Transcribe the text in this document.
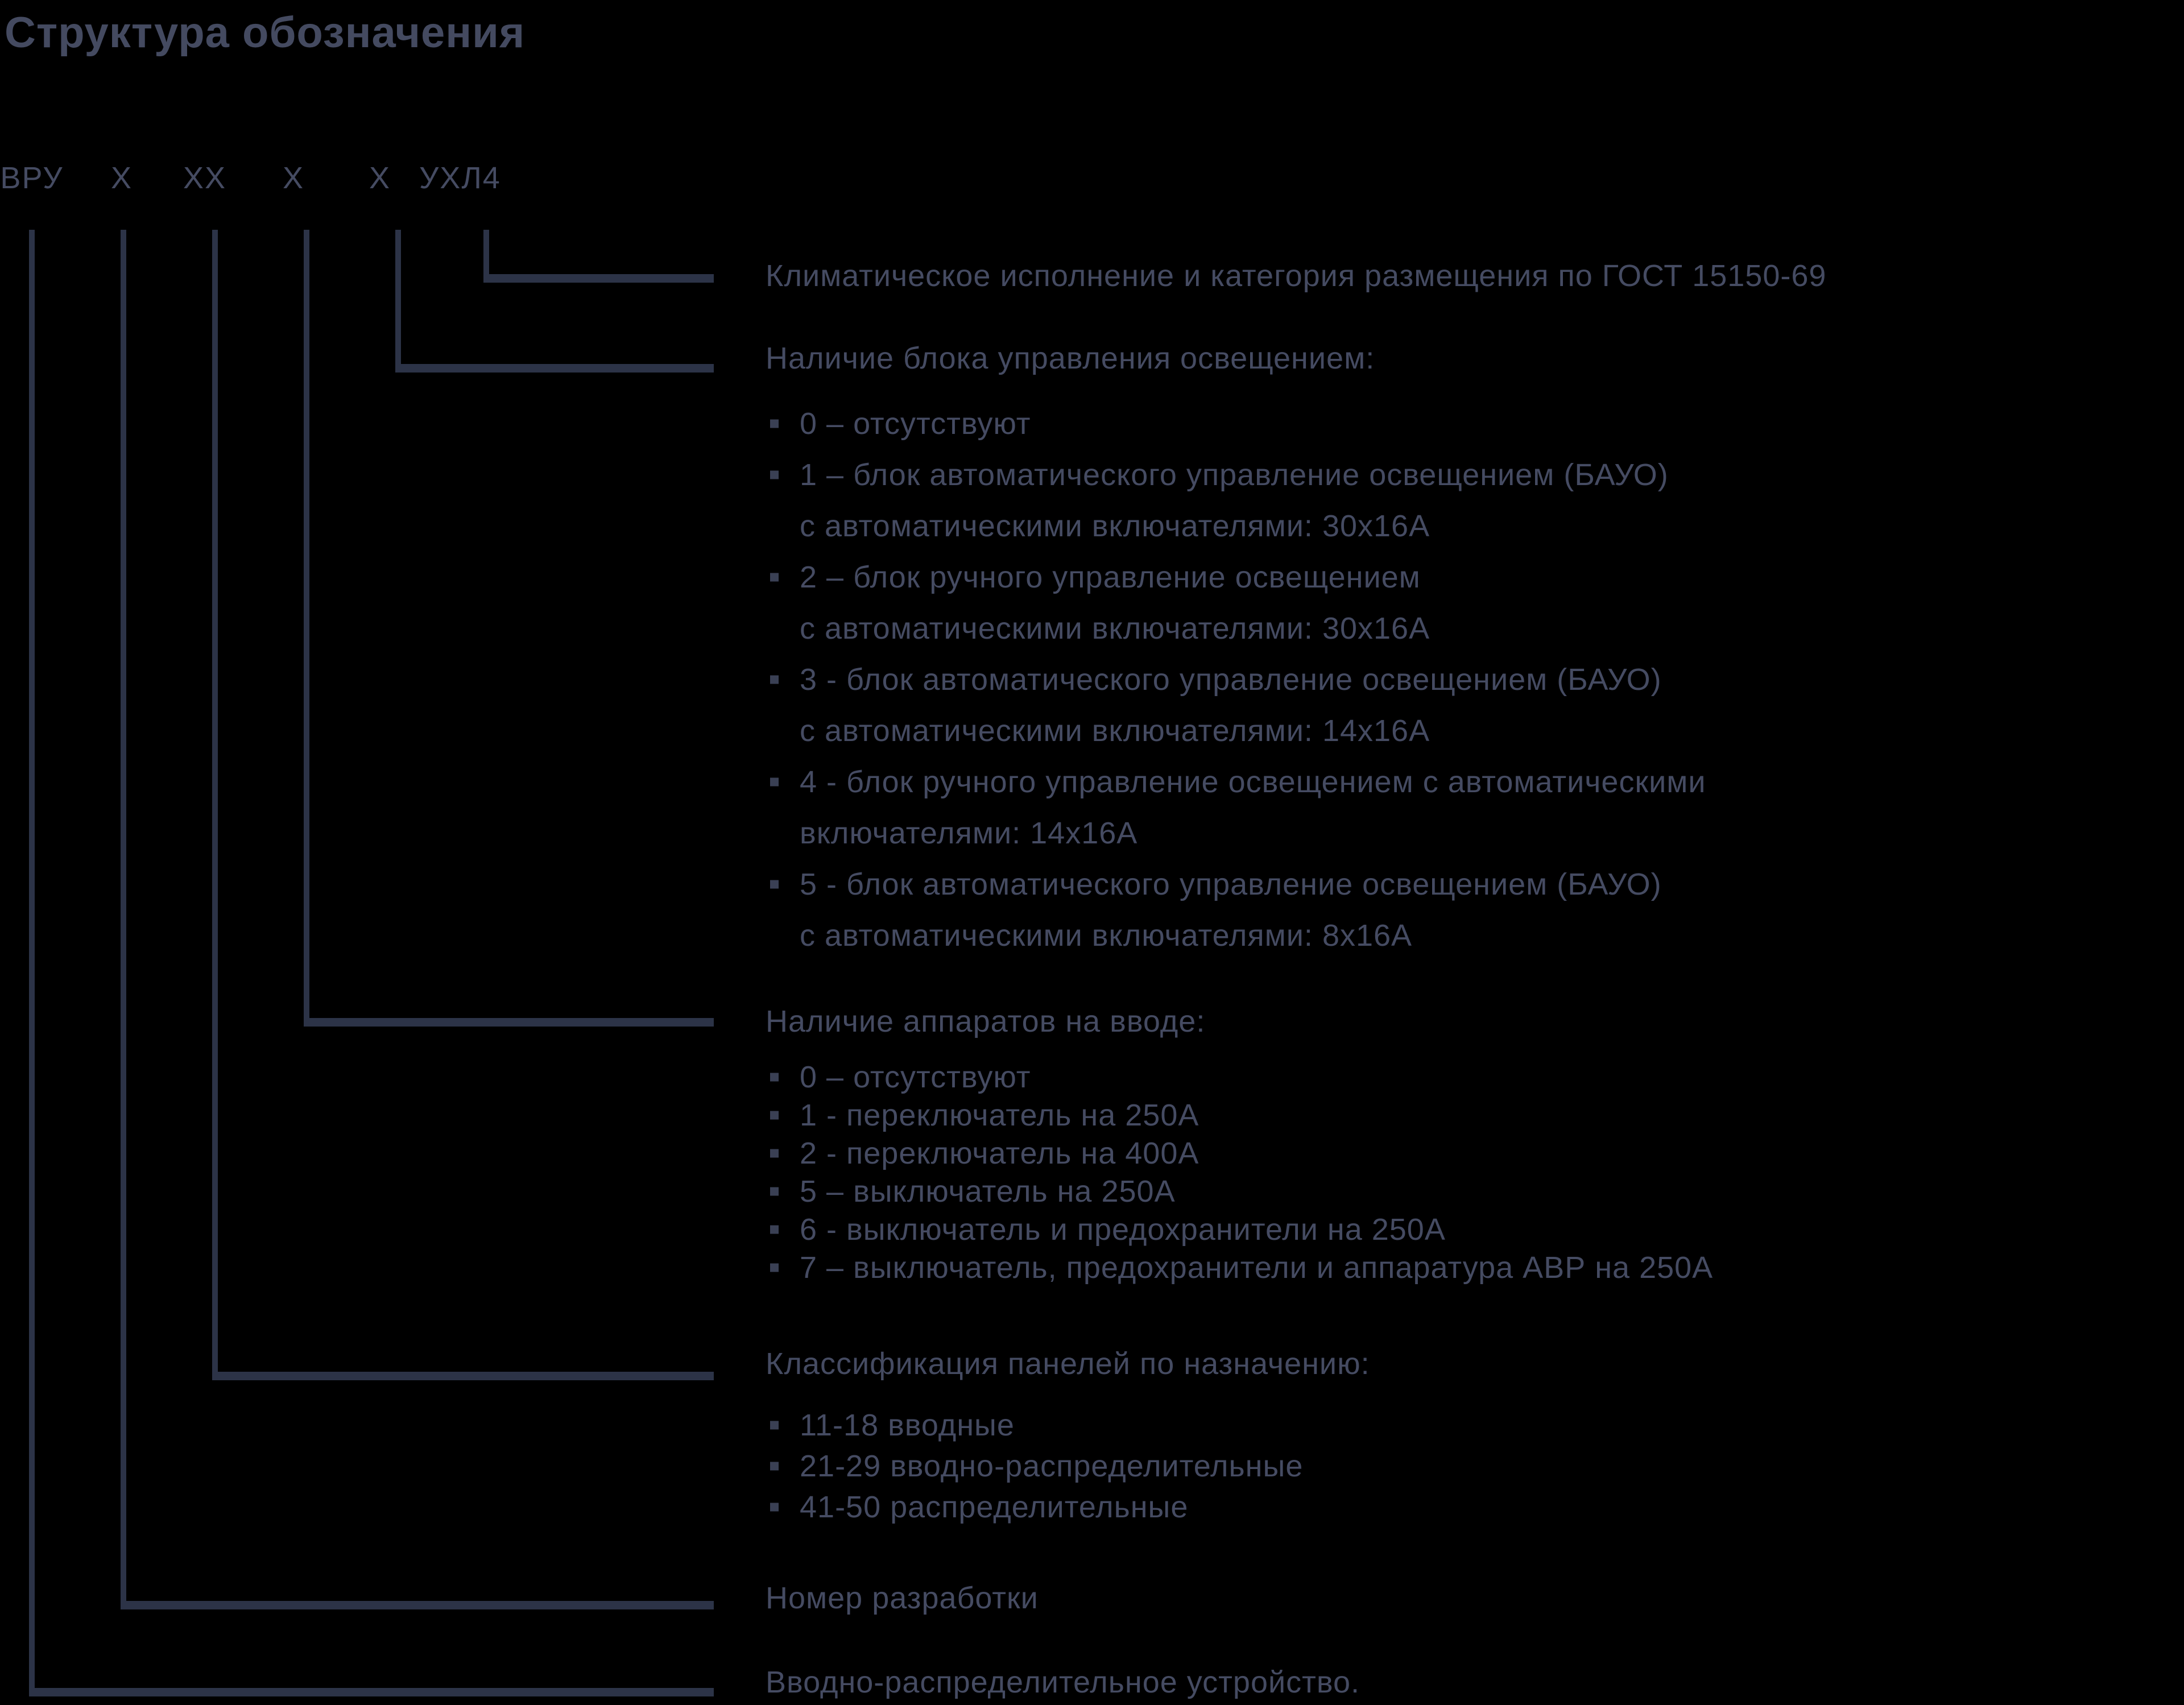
Структура обозначения
ВРУ Х ХХ Х Х УХЛ4
Климатическое исполнение и категория размещения по ГОСТ 15150-69
Наличие блока управления освещением:
Наличие аппаратов на вводе:
Классификация панелей по назначению:
Номер разработки
Вводно-распределительное устройство.
0 – отсутствуют
1 – блок автоматического управление освещением (БАУО)
с автоматическими включателями: 30х16А
2 – блок ручного управление освещением
с автоматическими включателями: 30х16А
3 - блок автоматического управление освещением (БАУО)
с автоматическими включателями: 14х16А
4 - блок ручного управление освещением с автоматическими
включателями: 14х16А
5 - блок автоматического управление освещением (БАУО)
с автоматическими включателями: 8х16А
0 – отсутствуют
1 - переключатель на 250А
2 - переключатель на 400А
5 – выключатель на 250А
6 - выключатель и предохранители на 250А
7 – выключатель, предохранители и аппаратура АВР на 250А
11-18 вводные
21-29 вводно-распределительные
41-50 распределительные
